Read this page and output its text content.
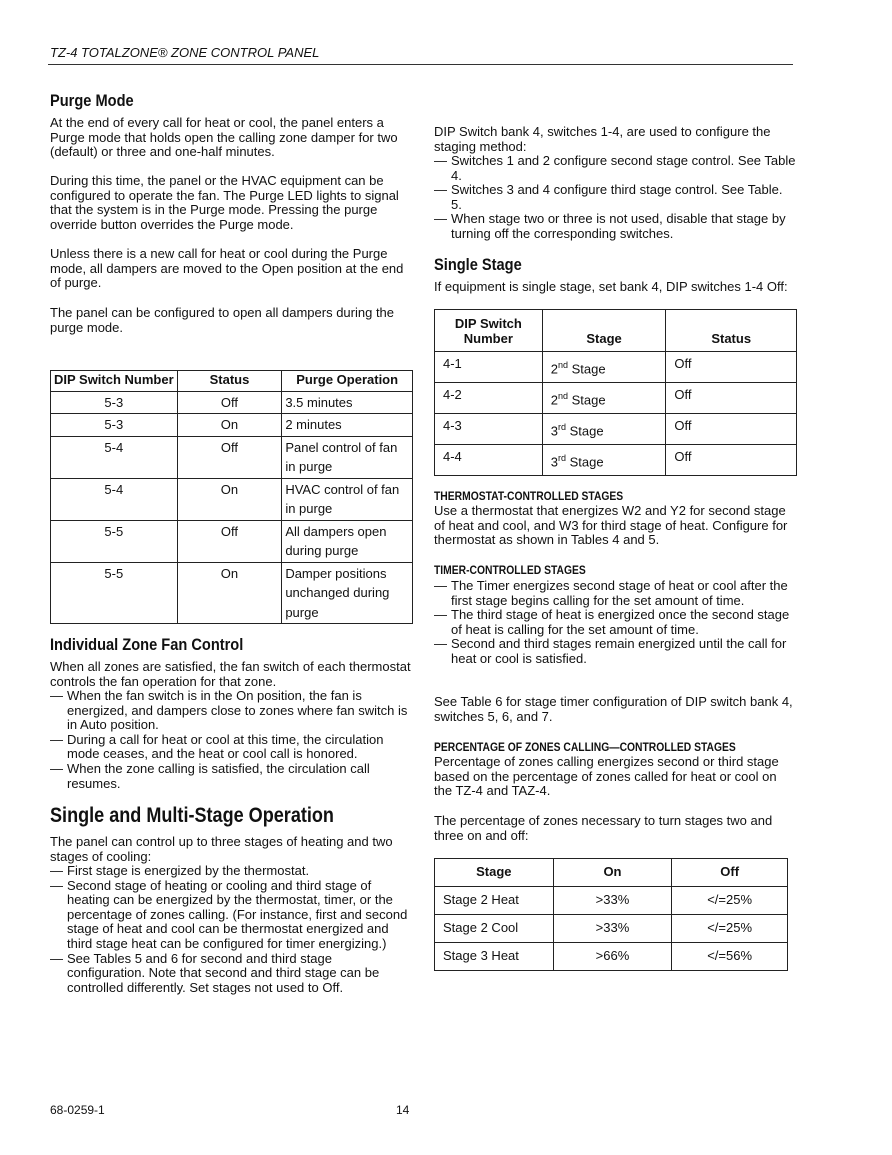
TZ-4 TOTALZONE® ZONE CONTROL PANEL
Purge Mode

At the end of every call for heat or cool, the panel enters a Purge mode that holds open the calling zone damper for two (default) or three and one-half minutes.

During this time, the panel or the HVAC equipment can be configured to operate the fan. The Purge LED lights to signal that the system is in the Purge mode. Pressing the purge override button overrides the Purge mode.

Unless there is a new call for heat or cool during the Purge mode, all dampers are moved to the Open position at the end of purge.

The panel can be configured to open all dampers during the purge mode.

DIP Switch Number	Status	Purge Operation
5-3	Off	3.5 minutes
5-3	On	2 minutes
5-4	Off	Panel control of fan in purge
5-4	On	HVAC control of fan in purge
5-5	Off	All dampers open during purge
5-5	On	Damper positions unchanged during purge
Individual Zone Fan Control

When all zones are satisfied, the fan switch of each thermostat controls the fan operation for that zone.

— When the fan switch is in the On position, the fan is energized, and dampers close to zones where fan switch is in Auto position.

— During a call for heat or cool at this time, the circulation mode ceases, and the heat or cool call is honored.

— When the zone calling is satisfied, the circulation call resumes.

Single and Multi-Stage Operation

The panel can control up to three stages of heating and two stages of cooling:

— First stage is energized by the thermostat.

— Second stage of heating or cooling and third stage of heating can be energized by the thermostat, timer, or the percentage of zones calling. (For instance, first and second stage of heat and cool can be thermostat energized and third stage heat can be configured for timer energizing.)

— See Tables 5 and 6 for second and third stage configuration. Note that second and third stage can be controlled differently. Set stages not used to Off.

DIP Switch bank 4, switches 1-4, are used to configure the staging method:

— Switches 1 and 2 configure second stage control. See Table 4.

— Switches 3 and 4 configure third stage control. See Table. 5.

— When stage two or three is not used, disable that stage by turning off the corresponding switches.

Single Stage

If equipment is single stage, set bank 4, DIP switches 1-4 Off:

DIP Switch Number	Stage	Status
4-1	2nd Stage	Off
4-2	2nd Stage	Off
4-3	3rd Stage	Off
4-4	3rd Stage	Off
THERMOSTAT-CONTROLLED STAGES

Use a thermostat that energizes W2 and Y2 for second stage of heat and cool, and W3 for third stage of heat. Configure for thermostat as shown in Tables 4 and 5.

TIMER-CONTROLLED STAGES

— The Timer energizes second stage of heat or cool after the first stage begins calling for the set amount of time.

— The third stage of heat is energized once the second stage of heat is calling for the set amount of time.

— Second and third stages remain energized until the call for heat or cool is satisfied.

See Table 6 for stage timer configuration of DIP switch bank 4, switches 5, 6, and 7.

PERCENTAGE OF ZONES CALLING—CONTROLLED STAGES

Percentage of zones calling energizes second or third stage based on the percentage of zones called for heat or cool on the TZ-4 and TAZ-4.

The percentage of zones necessary to turn stages two and three on and off:

Stage	On	Off
Stage 2 Heat	>33%	</=25%
Stage 2 Cool	>33%	</=25%
Stage 3 Heat	>66%	</=56%
68-0259-1	14
